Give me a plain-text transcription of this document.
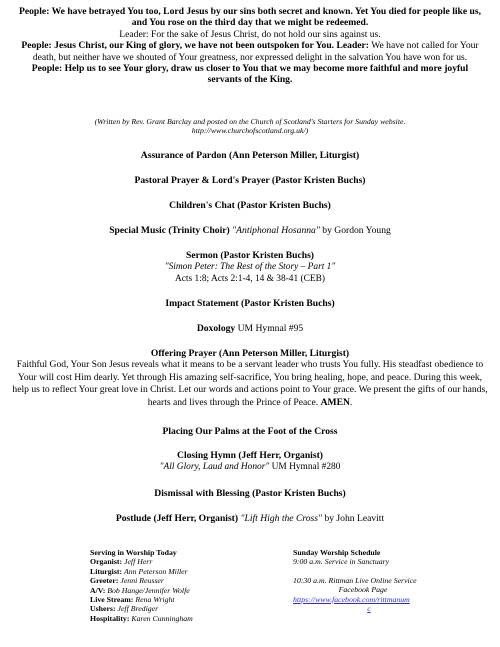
People: We have betrayed You too, Lord Jesus by our sins both secret and known. Yet You died for people like us, and You rose on the third day that we might be redeemed.
Leader: For the sake of Jesus Christ, do not hold our sins against us.
People: Jesus Christ, our King of glory, we have not been outspoken for You. Leader: We have not called for Your death, but neither have we shouted of Your greatness, nor expressed delight in the salvation You have won for us.
People: Help us to see Your glory, draw us closer to You that we may become more faithful and more joyful servants of the King.
(Written by Rev. Grant Barclay and posted on the Church of Scotland's Starters for Sunday website.
http://www.churchofscotland.org.uk/)
Assurance of Pardon (Ann Peterson Miller, Liturgist)
Pastoral Prayer & Lord's Prayer (Pastor Kristen Buchs)
Children's Chat (Pastor Kristen Buchs)
Special Music (Trinity Choir) "Antiphonal Hosanna" by Gordon Young
Sermon (Pastor Kristen Buchs)
"Simon Peter: The Rest of the Story – Part 1"
Acts 1:8; Acts 2:1-4, 14 & 38-41 (CEB)
Impact Statement (Pastor Kristen Buchs)
Doxology UM Hymnal #95
Offering Prayer (Ann Peterson Miller, Liturgist)
Faithful God, Your Son Jesus reveals what it means to be a servant leader who trusts You fully. His steadfast obedience to Your will cost Him dearly. Yet through His amazing self-sacrifice, You bring healing, hope, and peace. During this week, help us to reflect Your great love in Christ. Let our words and actions point to Your grace. We present the gifts of our hands, hearts and lives through the Prince of Peace. AMEN.
Placing Our Palms at the Foot of the Cross
Closing Hymn (Jeff Herr, Organist)
"All Glory, Laud and Honor" UM Hymnal #280
Dismissal with Blessing (Pastor Kristen Buchs)
Postlude (Jeff Herr, Organist) "Lift High the Cross" by John Leavitt
Serving in Worship Today
Organist: Jeff Herr
Liturgist: Ann Peterson Miller
Greeter: Jenni Reusser
A/V: Bob Hange/Jennifer Wolfe
Live Stream: Rena Wright
Ushers: Jeff Brediger
Hospitality: Karen Cunningham
Sunday Worship Schedule
9:00 a.m. Service in Sanctuary
10:30 a.m. Rittman Live Online Service
Facebook Page
https://www.facebook.com/rittmanum
c
